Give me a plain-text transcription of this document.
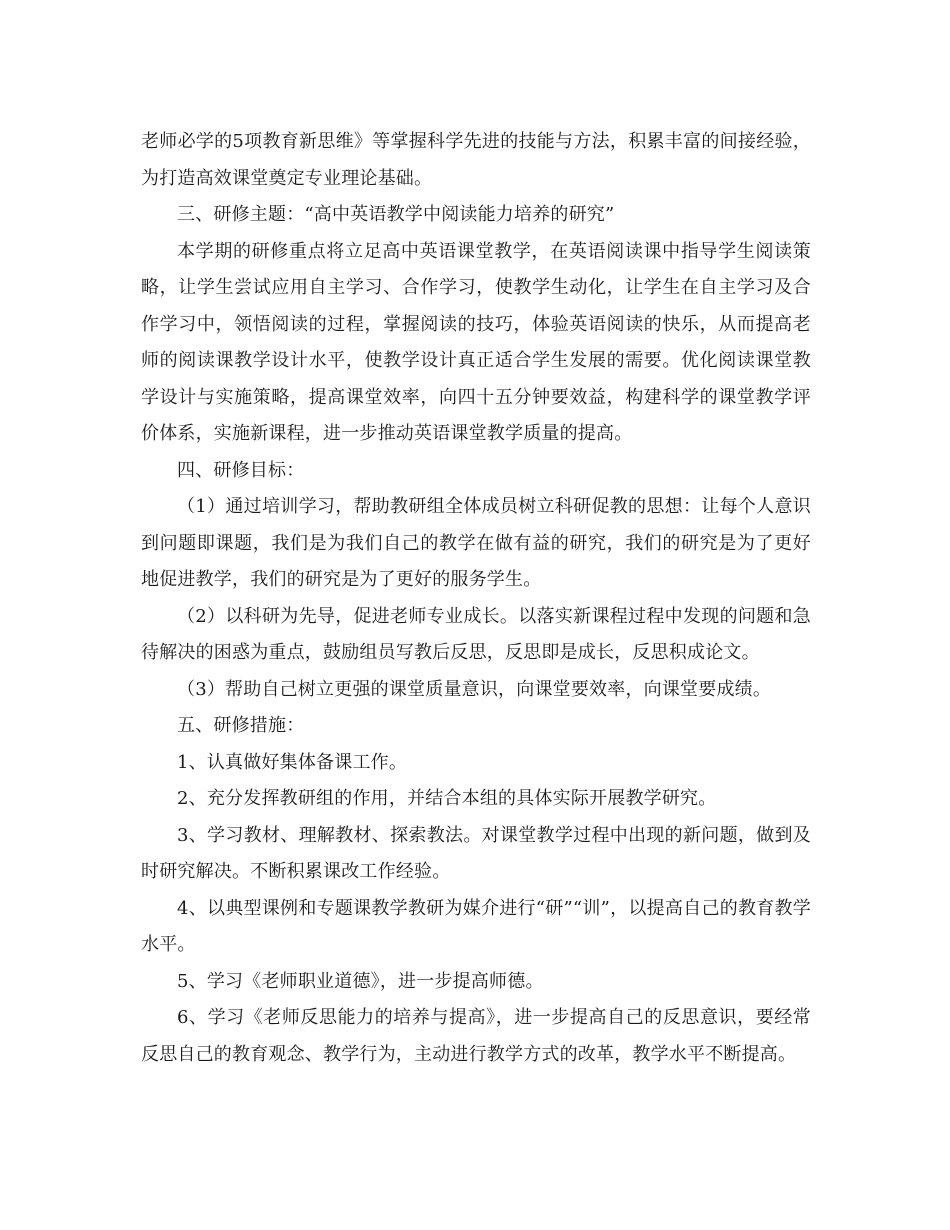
老师必学的5项教育新思维》等掌握科学先进的技能与方法，积累丰富的间接经验，为打造高效课堂奠定专业理论基础。

三、研修主题：“高中英语教学中阅读能力培养的研究”

本学期的研修重点将立足高中英语课堂教学，在英语阅读课中指导学生阅读策略，让学生尝试应用自主学习、合作学习，使教学生动化，让学生在自主学习及合作学习中，领悟阅读的过程，掌握阅读的技巧，体验英语阅读的快乐，从而提高老师的阅读课教学设计水平，使教学设计真正适合学生发展的需要。优化阅读课堂教学设计与实施策略，提高课堂效率，向四十五分钟要效益，构建科学的课堂教学评价体系，实施新课程，进一步推动英语课堂教学质量的提高。

四、研修目标：

（1）通过培训学习，帮助教研组全体成员树立科研促教的思想：让每个人意识到问题即课题，我们是为我们自己的教学在做有益的研究，我们的研究是为了更好地促进教学，我们的研究是为了更好的服务学生。

（2）以科研为先导，促进老师专业成长。以落实新课程过程中发现的问题和急待解决的困惑为重点，鼓励组员写教后反思，反思即是成长，反思积成论文。

（3）帮助自己树立更强的课堂质量意识，向课堂要效率，向课堂要成绩。

五、研修措施：

1、认真做好集体备课工作。

2、充分发挥教研组的作用，并结合本组的具体实际开展教学研究。

3、学习教材、理解教材、探索教法。对课堂教学过程中出现的新问题，做到及时研究解决。不断积累课改工作经验。

4、以典型课例和专题课教学教研为媒介进行“研”“训”，以提高自己的教育教学水平。

5、学习《老师职业道德》，进一步提高师德。

6、学习《老师反思能力的培养与提高》，进一步提高自己的反思意识，要经常反思自己的教育观念、教学行为，主动进行教学方式的改革，教学水平不断提高。
